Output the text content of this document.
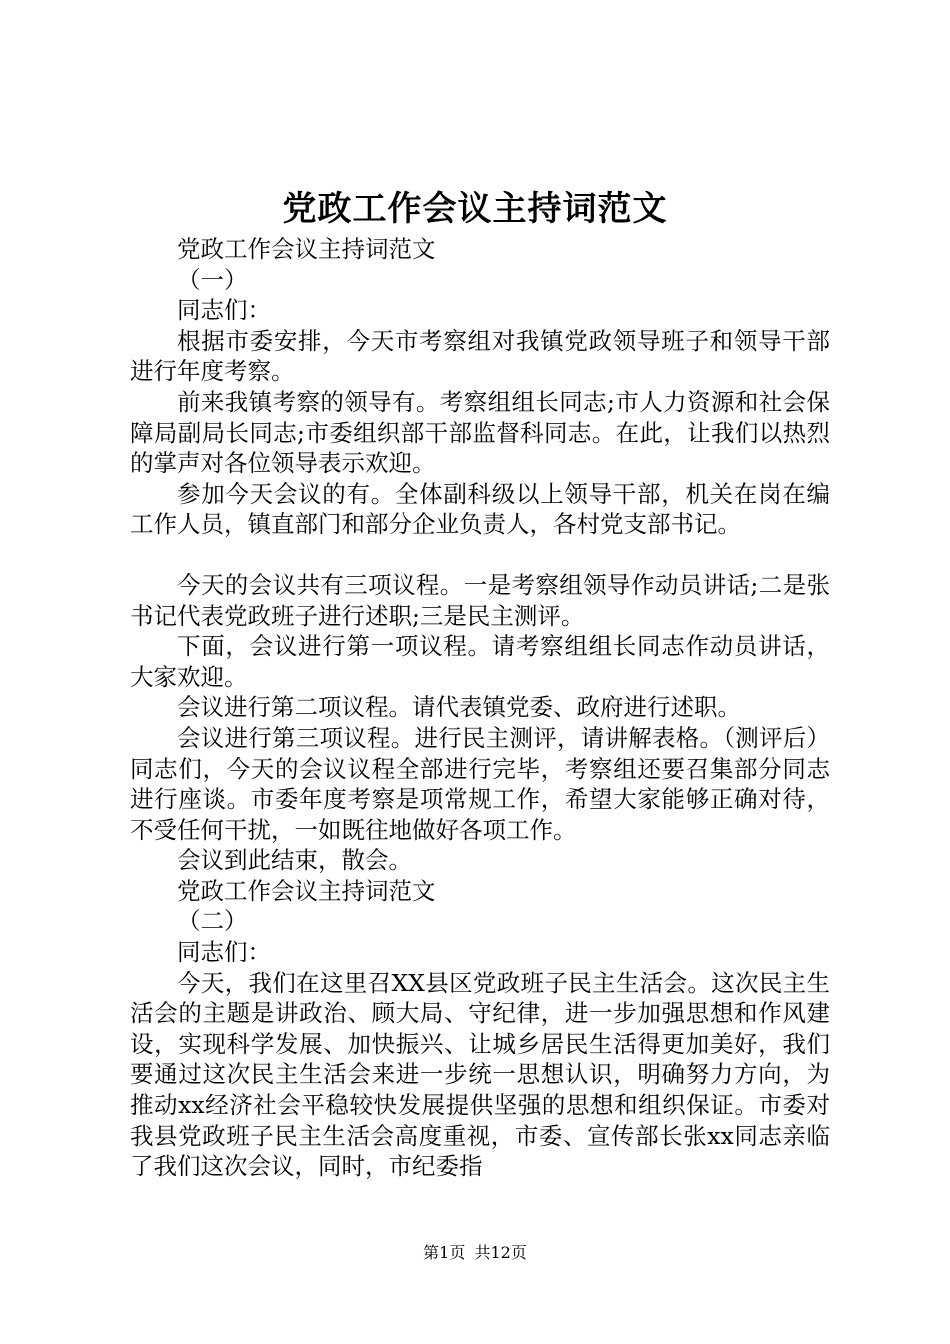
党政工作会议主持词范文

党政工作会议主持词范文

（一）

同志们：

根据市委安排，今天市考察组对我镇党政领导班子和领导干部进行年度考察。

前来我镇考察的领导有。考察组组长同志;市人力资源和社会保障局副局长同志;市委组织部干部监督科同志。在此，让我们以热烈的掌声对各位领导表示欢迎。

参加今天会议的有。全体副科级以上领导干部，机关在岗在编工作人员，镇直部门和部分企业负责人，各村党支部书记。

今天的会议共有三项议程。一是考察组领导作动员讲话;二是张书记代表党政班子进行述职;三是民主测评。

下面，会议进行第一项议程。请考察组组长同志作动员讲话，大家欢迎。

会议进行第二项议程。请代表镇党委、政府进行述职。

会议进行第三项议程。进行民主测评，请讲解表格。（测评后）同志们，今天的会议议程全部进行完毕，考察组还要召集部分同志进行座谈。市委年度考察是项常规工作，希望大家能够正确对待，不受任何干扰，一如既往地做好各项工作。

会议到此结束，散会。

党政工作会议主持词范文

（二）

同志们：

今天，我们在这里召XX县区党政班子民主生活会。这次民主生活会的主题是讲政治、顾大局、守纪律，进一步加强思想和作风建设，实现科学发展、加快振兴、让城乡居民生活得更加美好，我们要通过这次民主生活会来进一步统一思想认识，明确努力方向，为推动xx经济社会平稳较快发展提供坚强的思想和组织保证。市委对我县党政班子民主生活会高度重视，市委、宣传部长张xx同志亲临了我们这次会议，同时，市纪委指

第1页 共12页
